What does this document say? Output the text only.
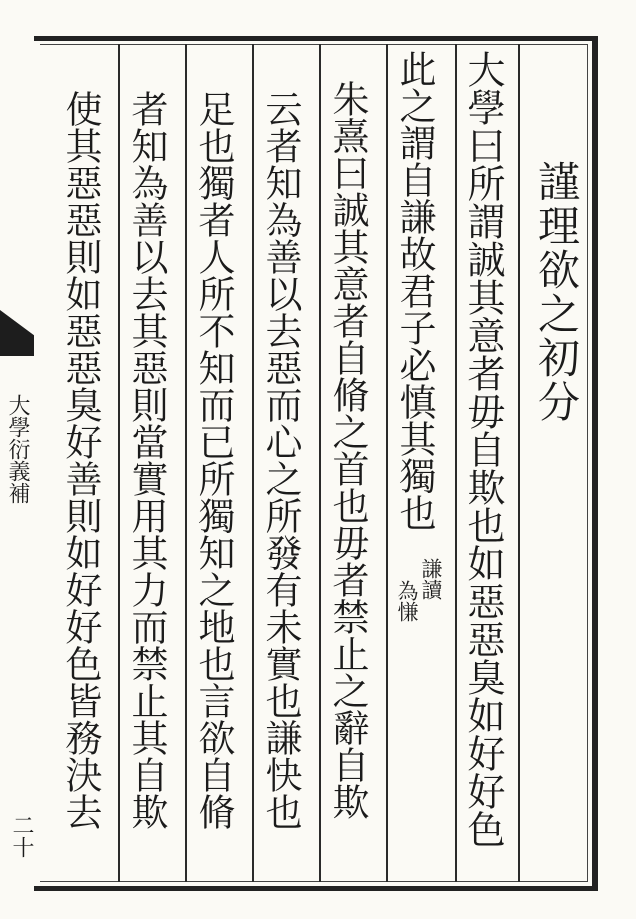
謹理欲之初分
大學曰所謂誠其意者毋自欺也如惡惡臭如好好色
此之謂自謙故君子必慎其獨也
謙讀
為慊
朱熹曰誠其意者自脩之首也毋者禁止之辭自欺
云者知為善以去惡而心之所發有未實也謙快也
足也獨者人所不知而已所獨知之地也言欲自脩
者知為善以去其惡則當實用其力而禁止其自欺
使其惡惡則如惡惡臭好善則如好好色皆務決去
大學衍義補
二十
